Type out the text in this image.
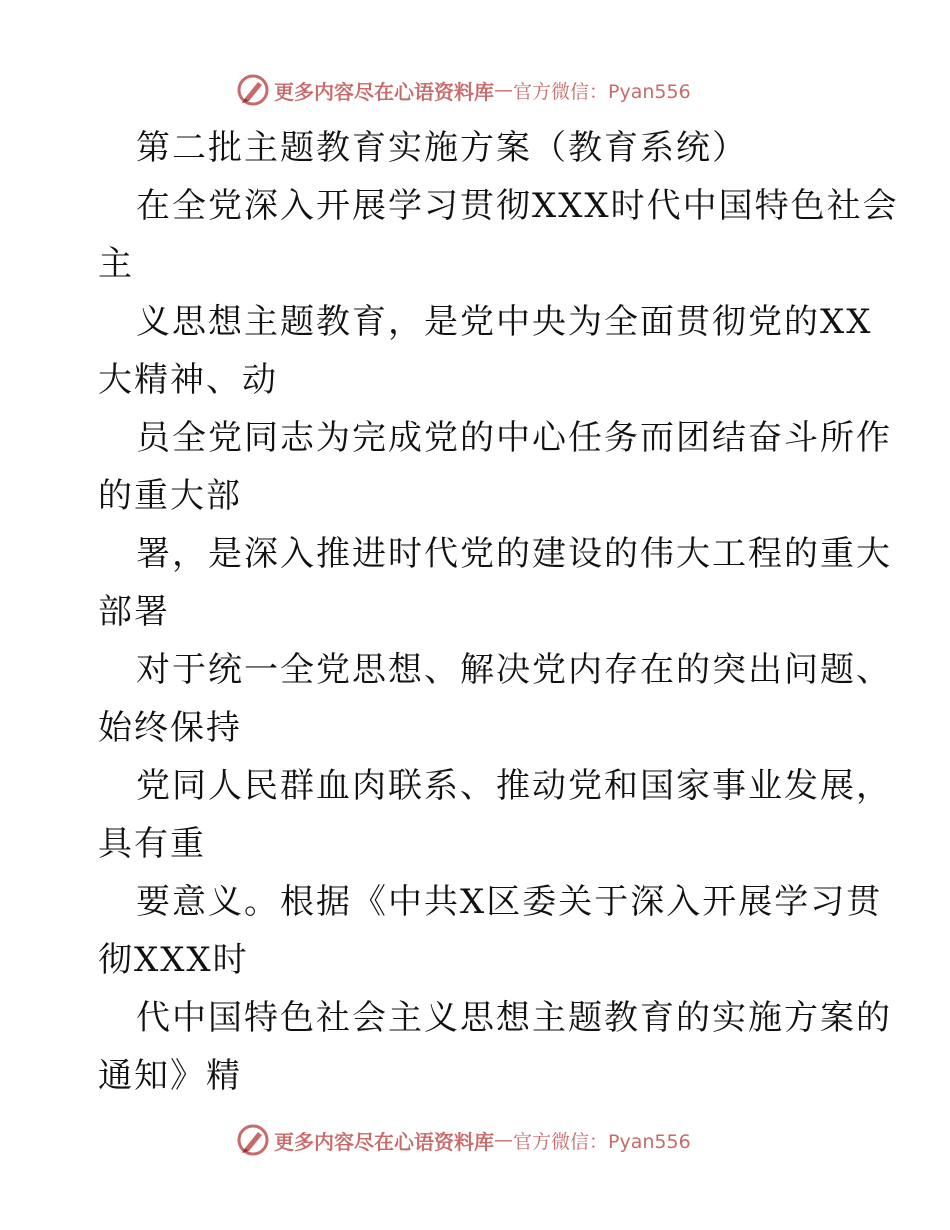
更多内容尽在心语资料库 — 官方微信：Pyan556
第二批主题教育实施方案（教育系统）
在全党深入开展学习贯彻XXX时代中国特色社会
主
义思想主题教育，是党中央为全面贯彻党的XX
大精神、动
员全党同志为完成党的中心任务而团结奋斗所作
的重大部
署，是深入推进时代党的建设的伟大工程的重大
部署
对于统一全党思想、解决党内存在的突出问题、
始终保持
党同人民群血肉联系、推动党和国家事业发展，
具有重
要意义。根据《中共X区委关于深入开展学习贯
彻XXX时
代中国特色社会主义思想主题教育的实施方案的
通知》精
更多内容尽在心语资料库 — 官方微信：Pyan556
